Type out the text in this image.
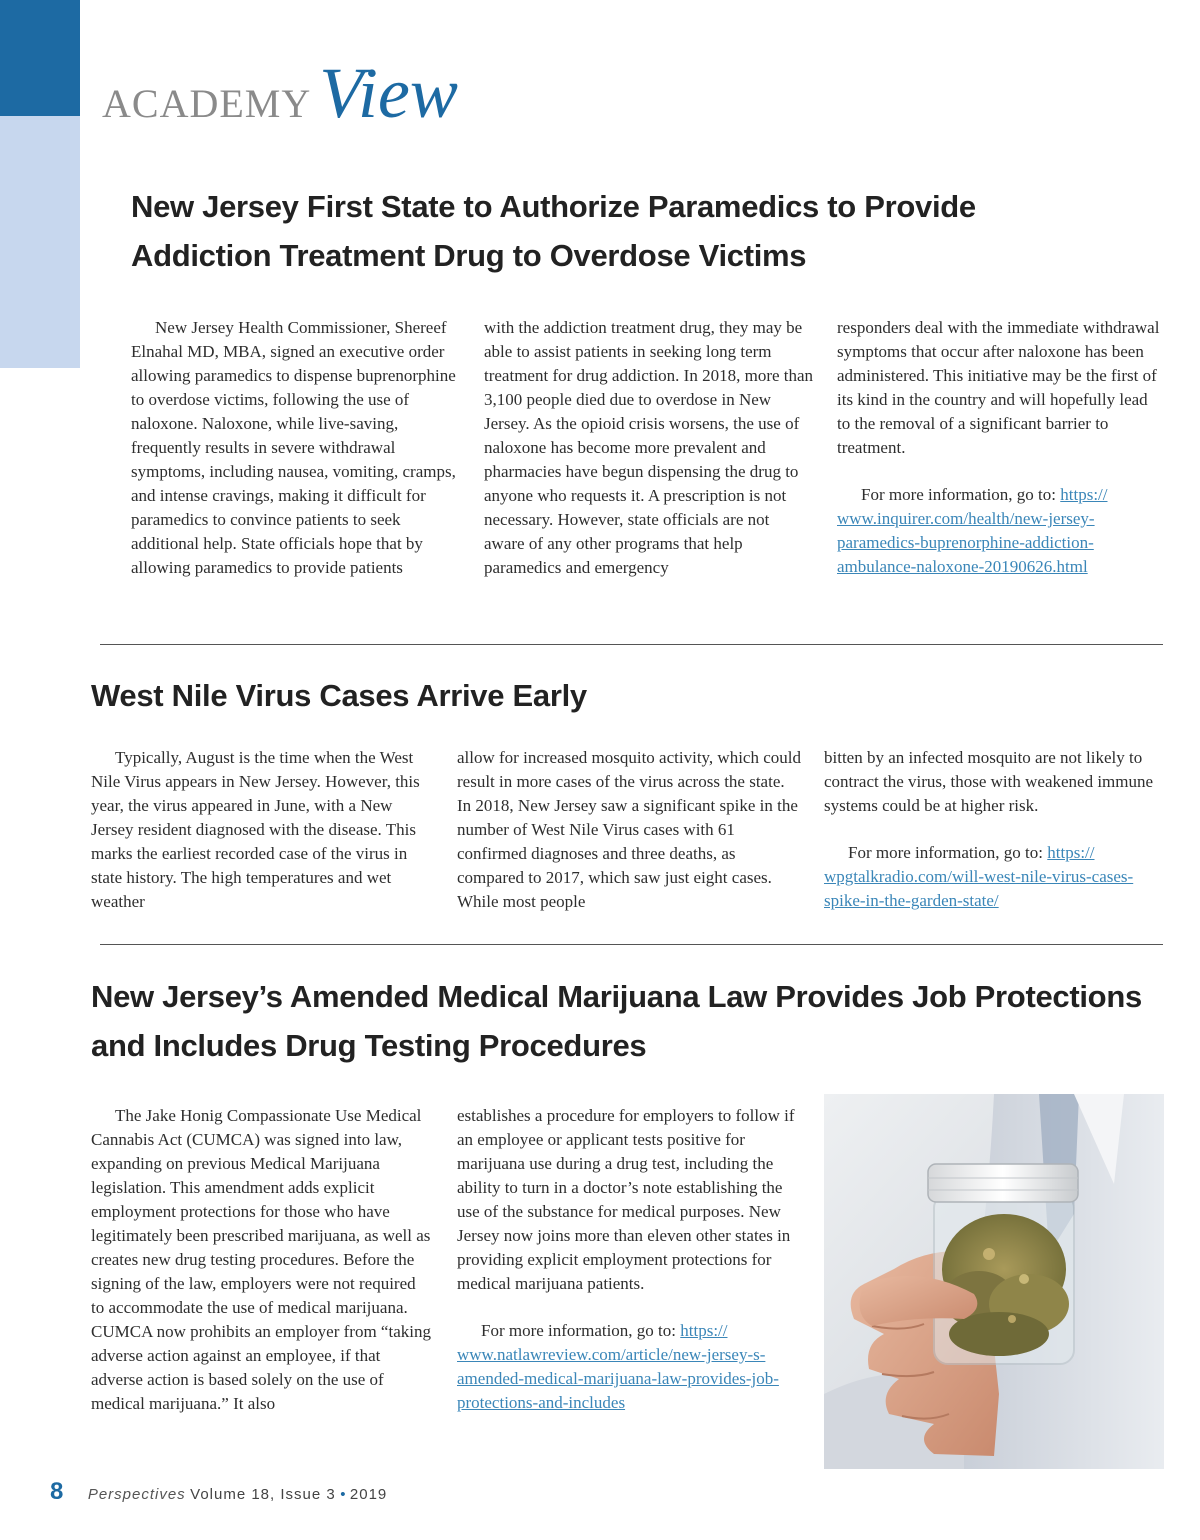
ACADEMY View
New Jersey First State to Authorize Paramedics to Provide
Addiction Treatment Drug to Overdose Victims

New Jersey Health Commissioner, Shereef Elnahal MD, MBA, signed an executive order allowing paramedics to dispense buprenorphine to overdose victims, following the use of naloxone. Naloxone, while live-saving, frequently results in severe withdrawal symptoms, including nausea, vomiting, cramps, and intense cravings, making it difficult for paramedics to convince patients to seek additional help. State officials hope that by allowing paramedics to provide patients

with the addiction treatment drug, they may be able to assist patients in seeking long term treatment for drug addiction. In 2018, more than 3,100 people died due to overdose in New Jersey. As the opioid crisis worsens, the use of naloxone has become more prevalent and pharmacies have begun dispensing the drug to anyone who requests it. A prescription is not necessary. However, state officials are not aware of any other programs that help paramedics and emergency

responders deal with the immediate withdrawal symptoms that occur after naloxone has been administered. This initiative may be the first of its kind in the country and will hopefully lead to the removal of a significant barrier to treatment.

For more information, go to: https:// www.inquirer.com/health/new-jersey-paramedics-buprenorphine-addiction-ambulance-naloxone-20190626.html

West Nile Virus Cases Arrive Early

Typically, August is the time when the West Nile Virus appears in New Jersey. However, this year, the virus appeared in June, with a New Jersey resident diagnosed with the disease. This marks the earliest recorded case of the virus in state history. The high temperatures and wet weather

allow for increased mosquito activity, which could result in more cases of the virus across the state. In 2018, New Jersey saw a significant spike in the number of West Nile Virus cases with 61 confirmed diagnoses and three deaths, as compared to 2017, which saw just eight cases. While most people

bitten by an infected mosquito are not likely to contract the virus, those with weakened immune systems could be at higher risk.

For more information, go to: https:// wpgtalkradio.com/will-west-nile-virus-cases-spike-in-the-garden-state/

New Jersey’s Amended Medical Marijuana Law Provides Job Protections
and Includes Drug Testing Procedures

The Jake Honig Compassionate Use Medical Cannabis Act (CUMCA) was signed into law, expanding on previous Medical Marijuana legislation. This amendment adds explicit employment protections for those who have legitimately been prescribed marijuana, as well as creates new drug testing procedures. Before the signing of the law, employers were not required to accommodate the use of medical marijuana. CUMCA now prohibits an employer from “taking adverse action against an employee, if that adverse action is based solely on the use of medical marijuana.” It also

establishes a procedure for employers to follow if an employee or applicant tests positive for marijuana use during a drug test, including the ability to turn in a doctor’s note establishing the use of the substance for medical purposes. New Jersey now joins more than eleven other states in providing explicit employment protections for medical marijuana patients.

For more information, go to: https:// www.natlawreview.com/article/new-jersey-s-amended-medical-marijuana-law-provides-job-protections-and-includes

8 Perspectives Volume 18, Issue 3 • 2019
